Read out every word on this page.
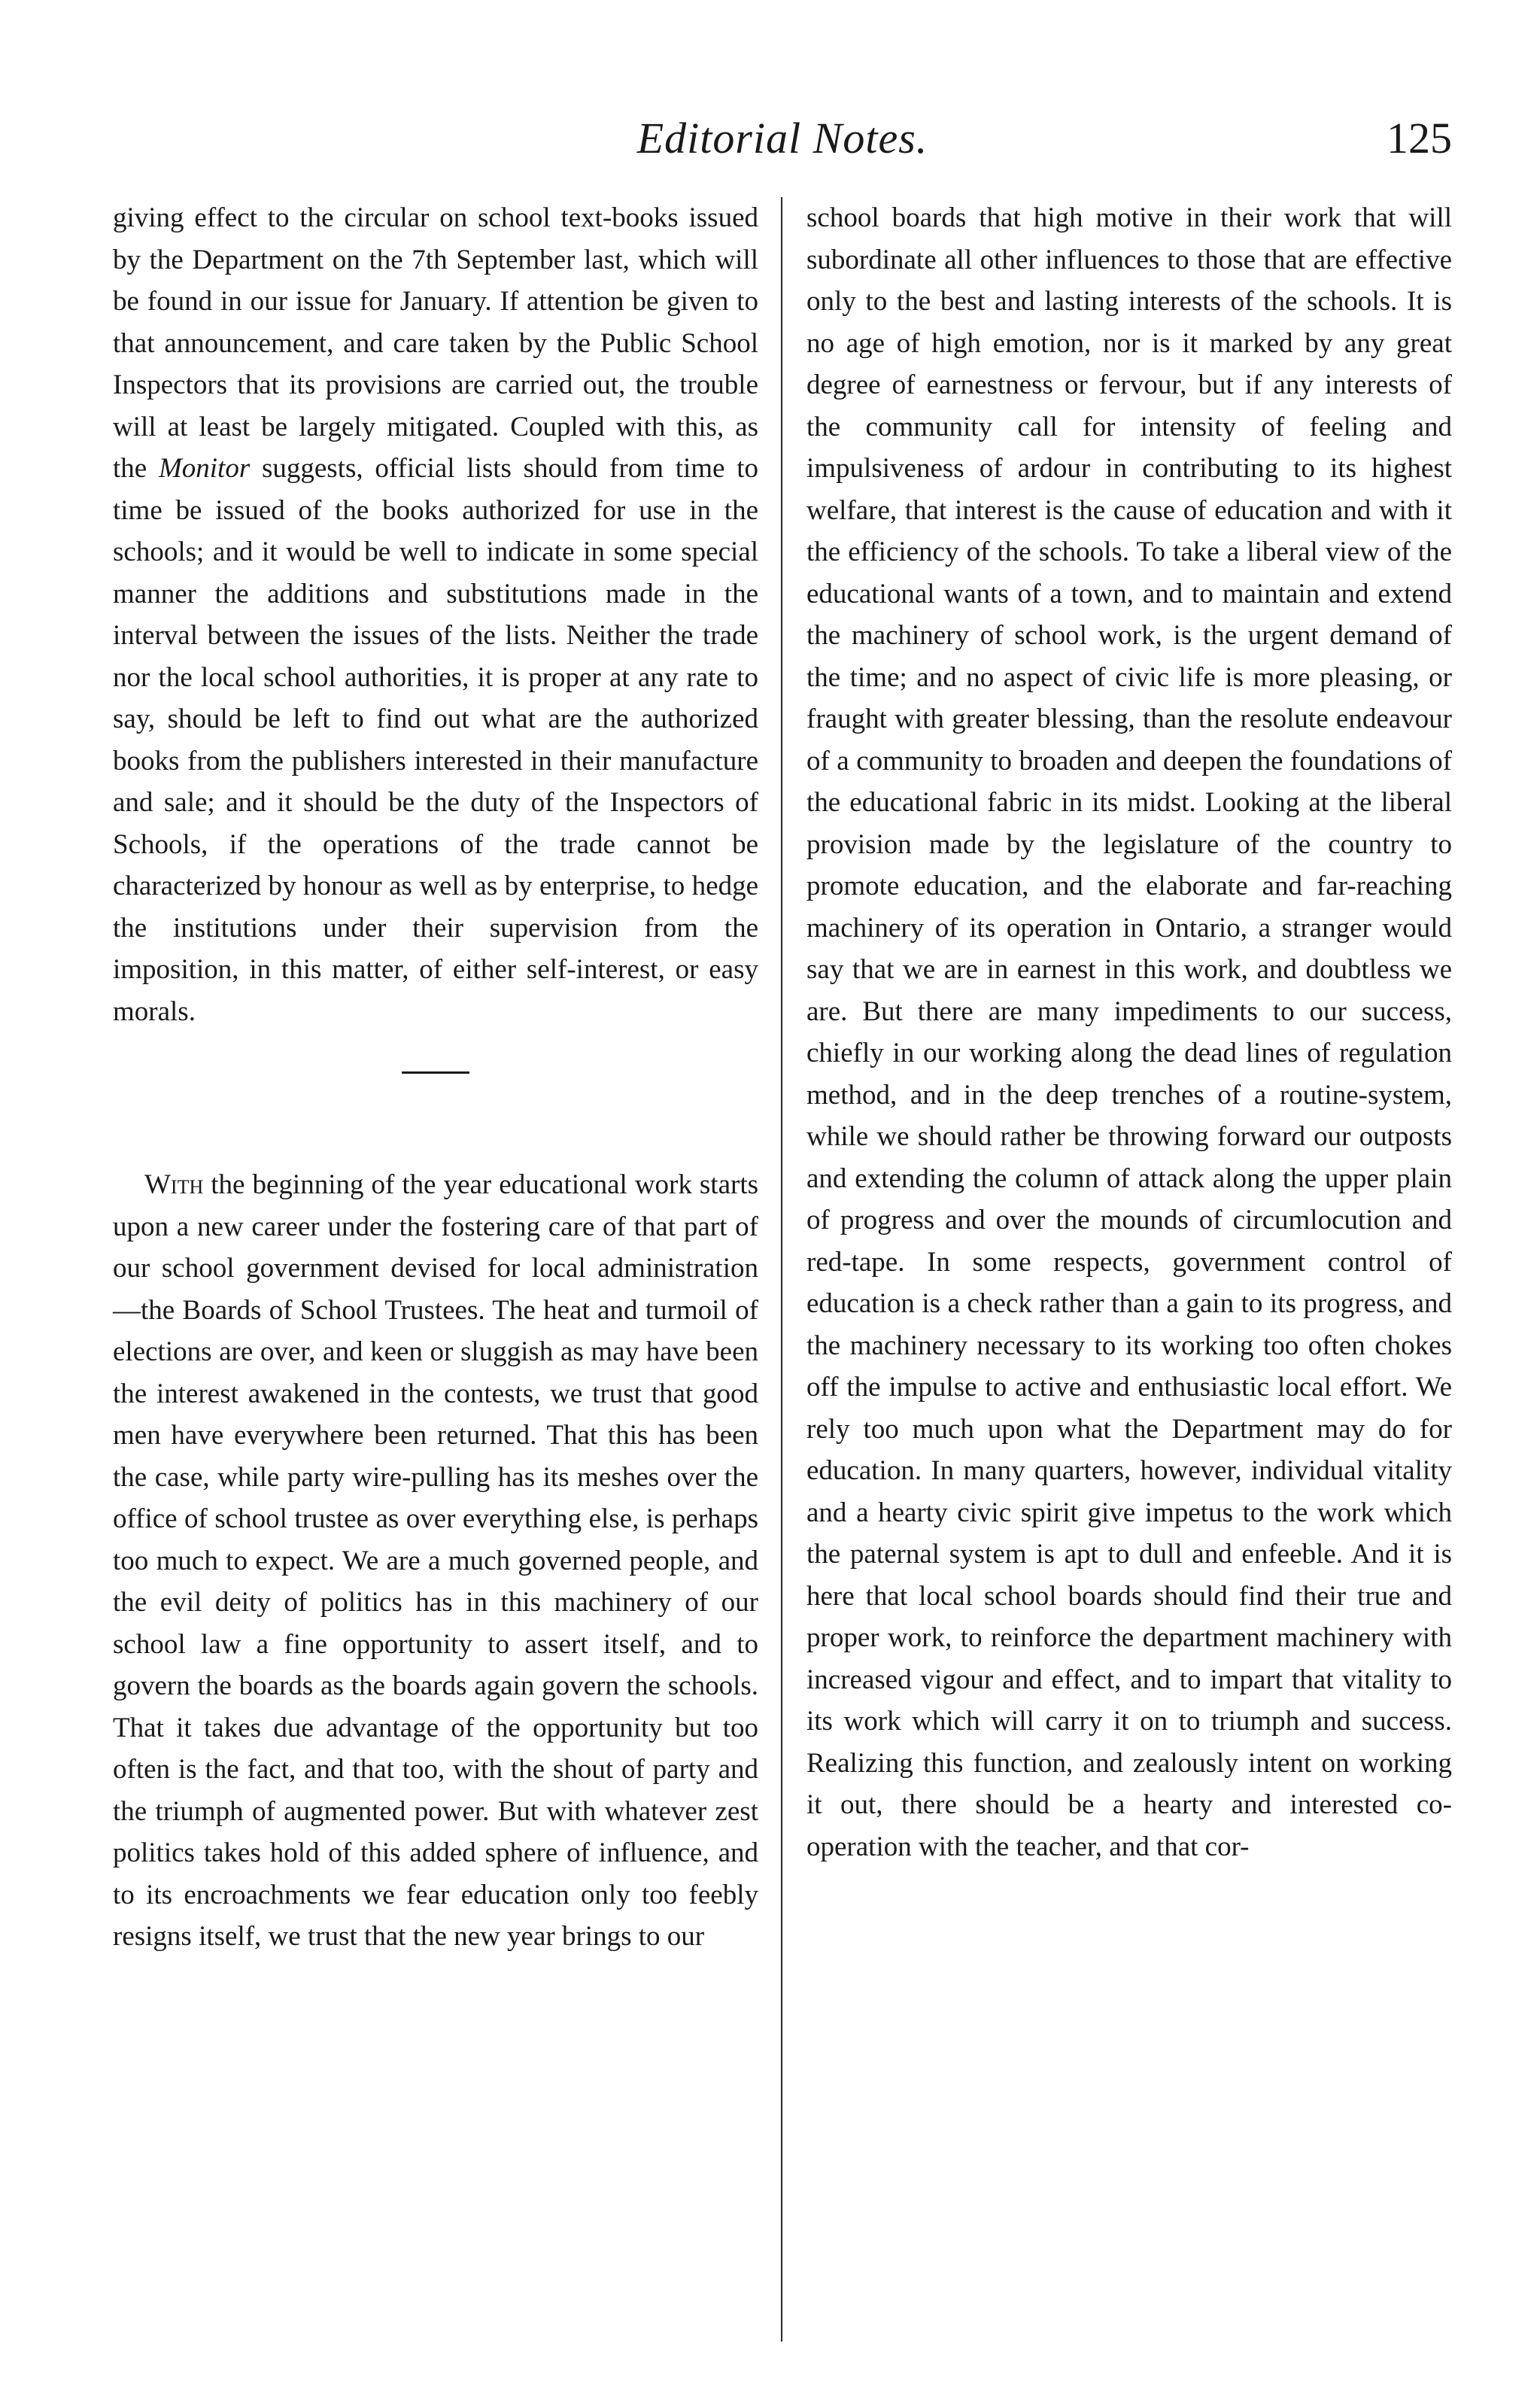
Editorial Notes.	125

giving effect to the circular on school text-books issued by the Department on the 7th September last, which will be found in our issue for January. If attention be given to that announcement, and care taken by the Public School Inspectors that its provisions are carried out, the trouble will at least be largely mitigated. Coupled with this, as the Monitor suggests, official lists should from time to time be issued of the books authorized for use in the schools; and it would be well to indicate in some special manner the additions and substitutions made in the interval between the issues of the lists. Neither the trade nor the local school authorities, it is proper at any rate to say, should be left to find out what are the authorized books from the publishers interested in their manufacture and sale; and it should be the duty of the Inspectors of Schools, if the operations of the trade cannot be characterized by honour as well as by enterprise, to hedge the institutions under their supervision from the imposition, in this matter, of either self-interest, or easy morals.

With the beginning of the year educational work starts upon a new career under the fostering care of that part of our school government devised for local administration —the Boards of School Trustees. The heat and turmoil of elections are over, and keen or sluggish as may have been the interest awakened in the contests, we trust that good men have everywhere been returned. That this has been the case, while party wire-pulling has its meshes over the office of school trustee as over everything else, is perhaps too much to expect. We are a much governed people, and the evil deity of politics has in this machinery of our school law a fine opportunity to assert itself, and to govern the boards as the boards again govern the schools. That it takes due advantage of the opportunity but too often is the fact, and that too, with the shout of party and the triumph of augmented power. But with whatever zest politics takes hold of this added sphere of influence, and to its encroachments we fear education only too feebly resigns itself, we trust that the new year brings to our

school boards that high motive in their work that will subordinate all other influences to those that are effective only to the best and lasting interests of the schools. It is no age of high emotion, nor is it marked by any great degree of earnestness or fervour, but if any interests of the community call for intensity of feeling and impulsiveness of ardour in contributing to its highest welfare, that interest is the cause of education and with it the efficiency of the schools. To take a liberal view of the educational wants of a town, and to maintain and extend the machinery of school work, is the urgent demand of the time; and no aspect of civic life is more pleasing, or fraught with greater blessing, than the resolute endeavour of a community to broaden and deepen the foundations of the educational fabric in its midst. Looking at the liberal provision made by the legislature of the country to promote education, and the elaborate and far-reaching machinery of its operation in Ontario, a stranger would say that we are in earnest in this work, and doubtless we are. But there are many impediments to our success, chiefly in our working along the dead lines of regulation method, and in the deep trenches of a routine-system, while we should rather be throwing forward our outposts and extending the column of attack along the upper plain of progress and over the mounds of circumlocution and red-tape. In some respects, government control of education is a check rather than a gain to its progress, and the machinery necessary to its working too often chokes off the impulse to active and enthusiastic local effort. We rely too much upon what the Department may do for education. In many quarters, however, individual vitality and a hearty civic spirit give impetus to the work which the paternal system is apt to dull and enfeeble. And it is here that local school boards should find their true and proper work, to reinforce the department machinery with increased vigour and effect, and to impart that vitality to its work which will carry it on to triumph and success. Realizing this function, and zealously intent on working it out, there should be a hearty and interested co-operation with the teacher, and that cor-
